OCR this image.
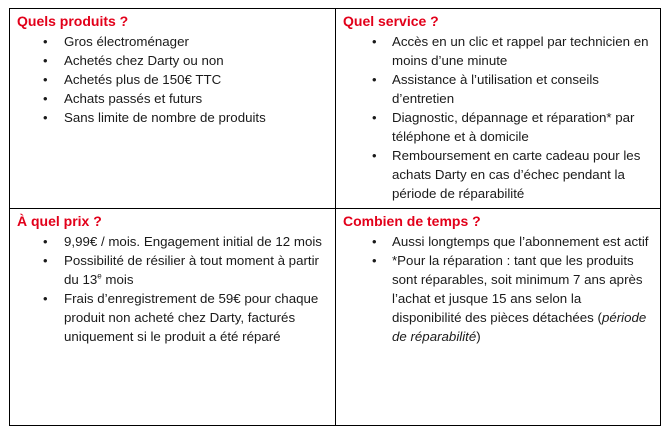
Quels produits ?
• Gros électroménager
• Achetés chez Darty ou non
• Achetés plus de 150€ TTC
• Achats passés et futurs
• Sans limite de nombre de produits
Quel service ?
• Accès en un clic et rappel par technicien en moins d’une minute
• Assistance à l’utilisation et conseils d’entretien
• Diagnostic, dépannage et réparation* par téléphone et à domicile
• Remboursement en carte cadeau pour les achats Darty en cas d’échec pendant la période de réparabilité
À quel prix ?
• 9,99€ / mois. Engagement initial de 12 mois
• Possibilité de résilier à tout moment à partir du 13e mois
• Frais d’enregistrement de 59€ pour chaque produit non acheté chez Darty, facturés uniquement si le produit a été réparé
Combien de temps ?
• Aussi longtemps que l’abonnement est actif
• *Pour la réparation : tant que les produits sont réparables, soit minimum 7 ans après l’achat et jusque 15 ans selon la disponibilité des pièces détachées (période de réparabilité)
